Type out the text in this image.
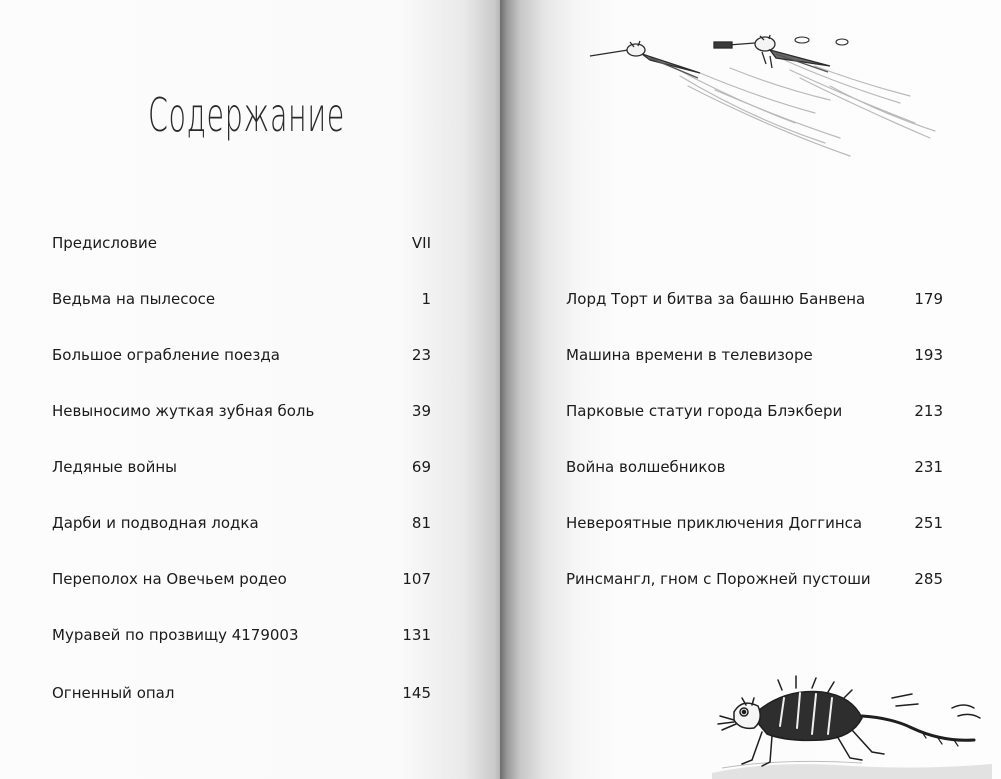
Содержание
Предисловие	VII
Ведьма на пылесосе	1
Большое ограбление поезда	23
Невыносимо жуткая зубная боль	39
Ледяные войны	69
Дарби и подводная лодка	81
Переполох на Овечьем родео	107
Муравей по прозвищу 4179003	131
Огненный опал	145
Лорд Торт и битва за башню Банвена	179
Машина времени в телевизоре	193
Парковые статуи города Блэкбери	213
Война волшебников	231
Невероятные приключения Доггинса	251
Ринсмангл, гном с Порожней пустоши	285
